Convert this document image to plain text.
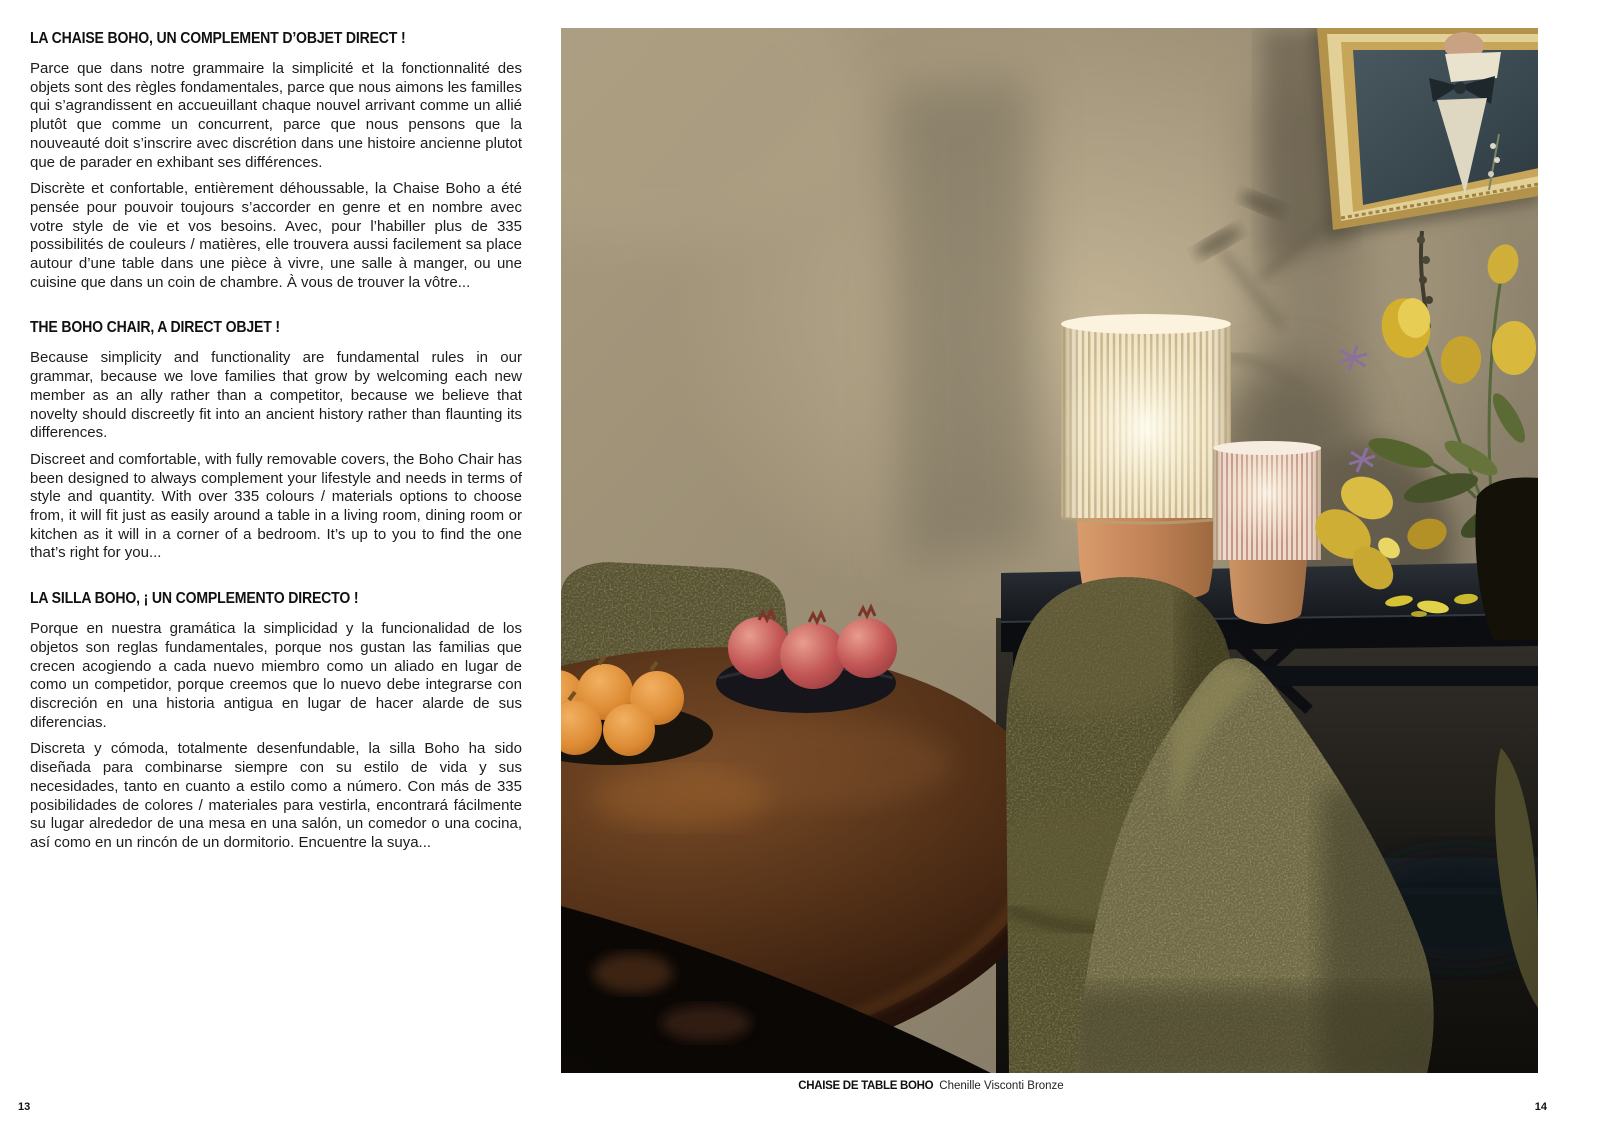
LA CHAISE BOHO, UN COMPLEMENT D’OBJET DIRECT !

Parce que dans notre grammaire la simplicité et la fonctionnalité des objets sont des règles fondamentales, parce que nous aimons les familles qui s’agrandissent en accueuillant chaque nouvel arrivant comme un allié plutôt que comme un concurrent, parce que nous pensons que la nouveauté doit s’inscrire avec discrétion dans une histoire ancienne plutot que de parader en exhibant ses différences.

Discrète et confortable, entièrement déhoussable, la Chaise Boho a été pensée pour pouvoir toujours s’accorder en genre et en nombre avec votre style de vie et vos besoins. Avec, pour l’habiller plus de 335 possibilités de couleurs / matières, elle trouvera aussi facilement sa place autour d’une table dans une pièce à vivre, une salle à manger, ou une cuisine que dans un coin de chambre. À vous de trouver la vôtre...

THE BOHO CHAIR, A DIRECT OBJET !

Because simplicity and functionality are fundamental rules in our grammar, because we love families that grow by welcoming each new member as an ally rather than a competitor, because we believe that novelty should discreetly fit into an ancient history rather than flaunting its differences.

Discreet and comfortable, with fully removable covers, the Boho Chair has been designed to always complement your lifestyle and needs in terms of style and quantity. With over 335 colours / materials options to choose from, it will fit just as easily around a table in a living room, dining room or kitchen as it will in a corner of a bedroom. It’s up to you to find the one that’s right for you...

LA SILLA BOHO, ¡ UN COMPLEMENTO DIRECTO !

Porque en nuestra gramática la simplicidad y la funcionalidad de los objetos son reglas fundamentales, porque nos gustan las familias que crecen acogiendo a cada nuevo miembro como un aliado en lugar de como un competidor, porque creemos que lo nuevo debe integrarse con discreción en una historia antigua en lugar de hacer alarde de sus diferencias.

Discreta y cómoda, totalmente desenfundable, la silla Boho ha sido diseñada para combinarse siempre con su estilo de vida y sus necesidades, tanto en cuanto a estilo como a número. Con más de 335 posibilidades de colores / materiales para vestirla, encontrará fácilmente su lugar alrededor de una mesa en una salón, un comedor o una cocina, así como en un rincón de un dormitorio. Encuentre la suya...

CHAISE DE TABLE BOHO Chenille Visconti Bronze
13	14
